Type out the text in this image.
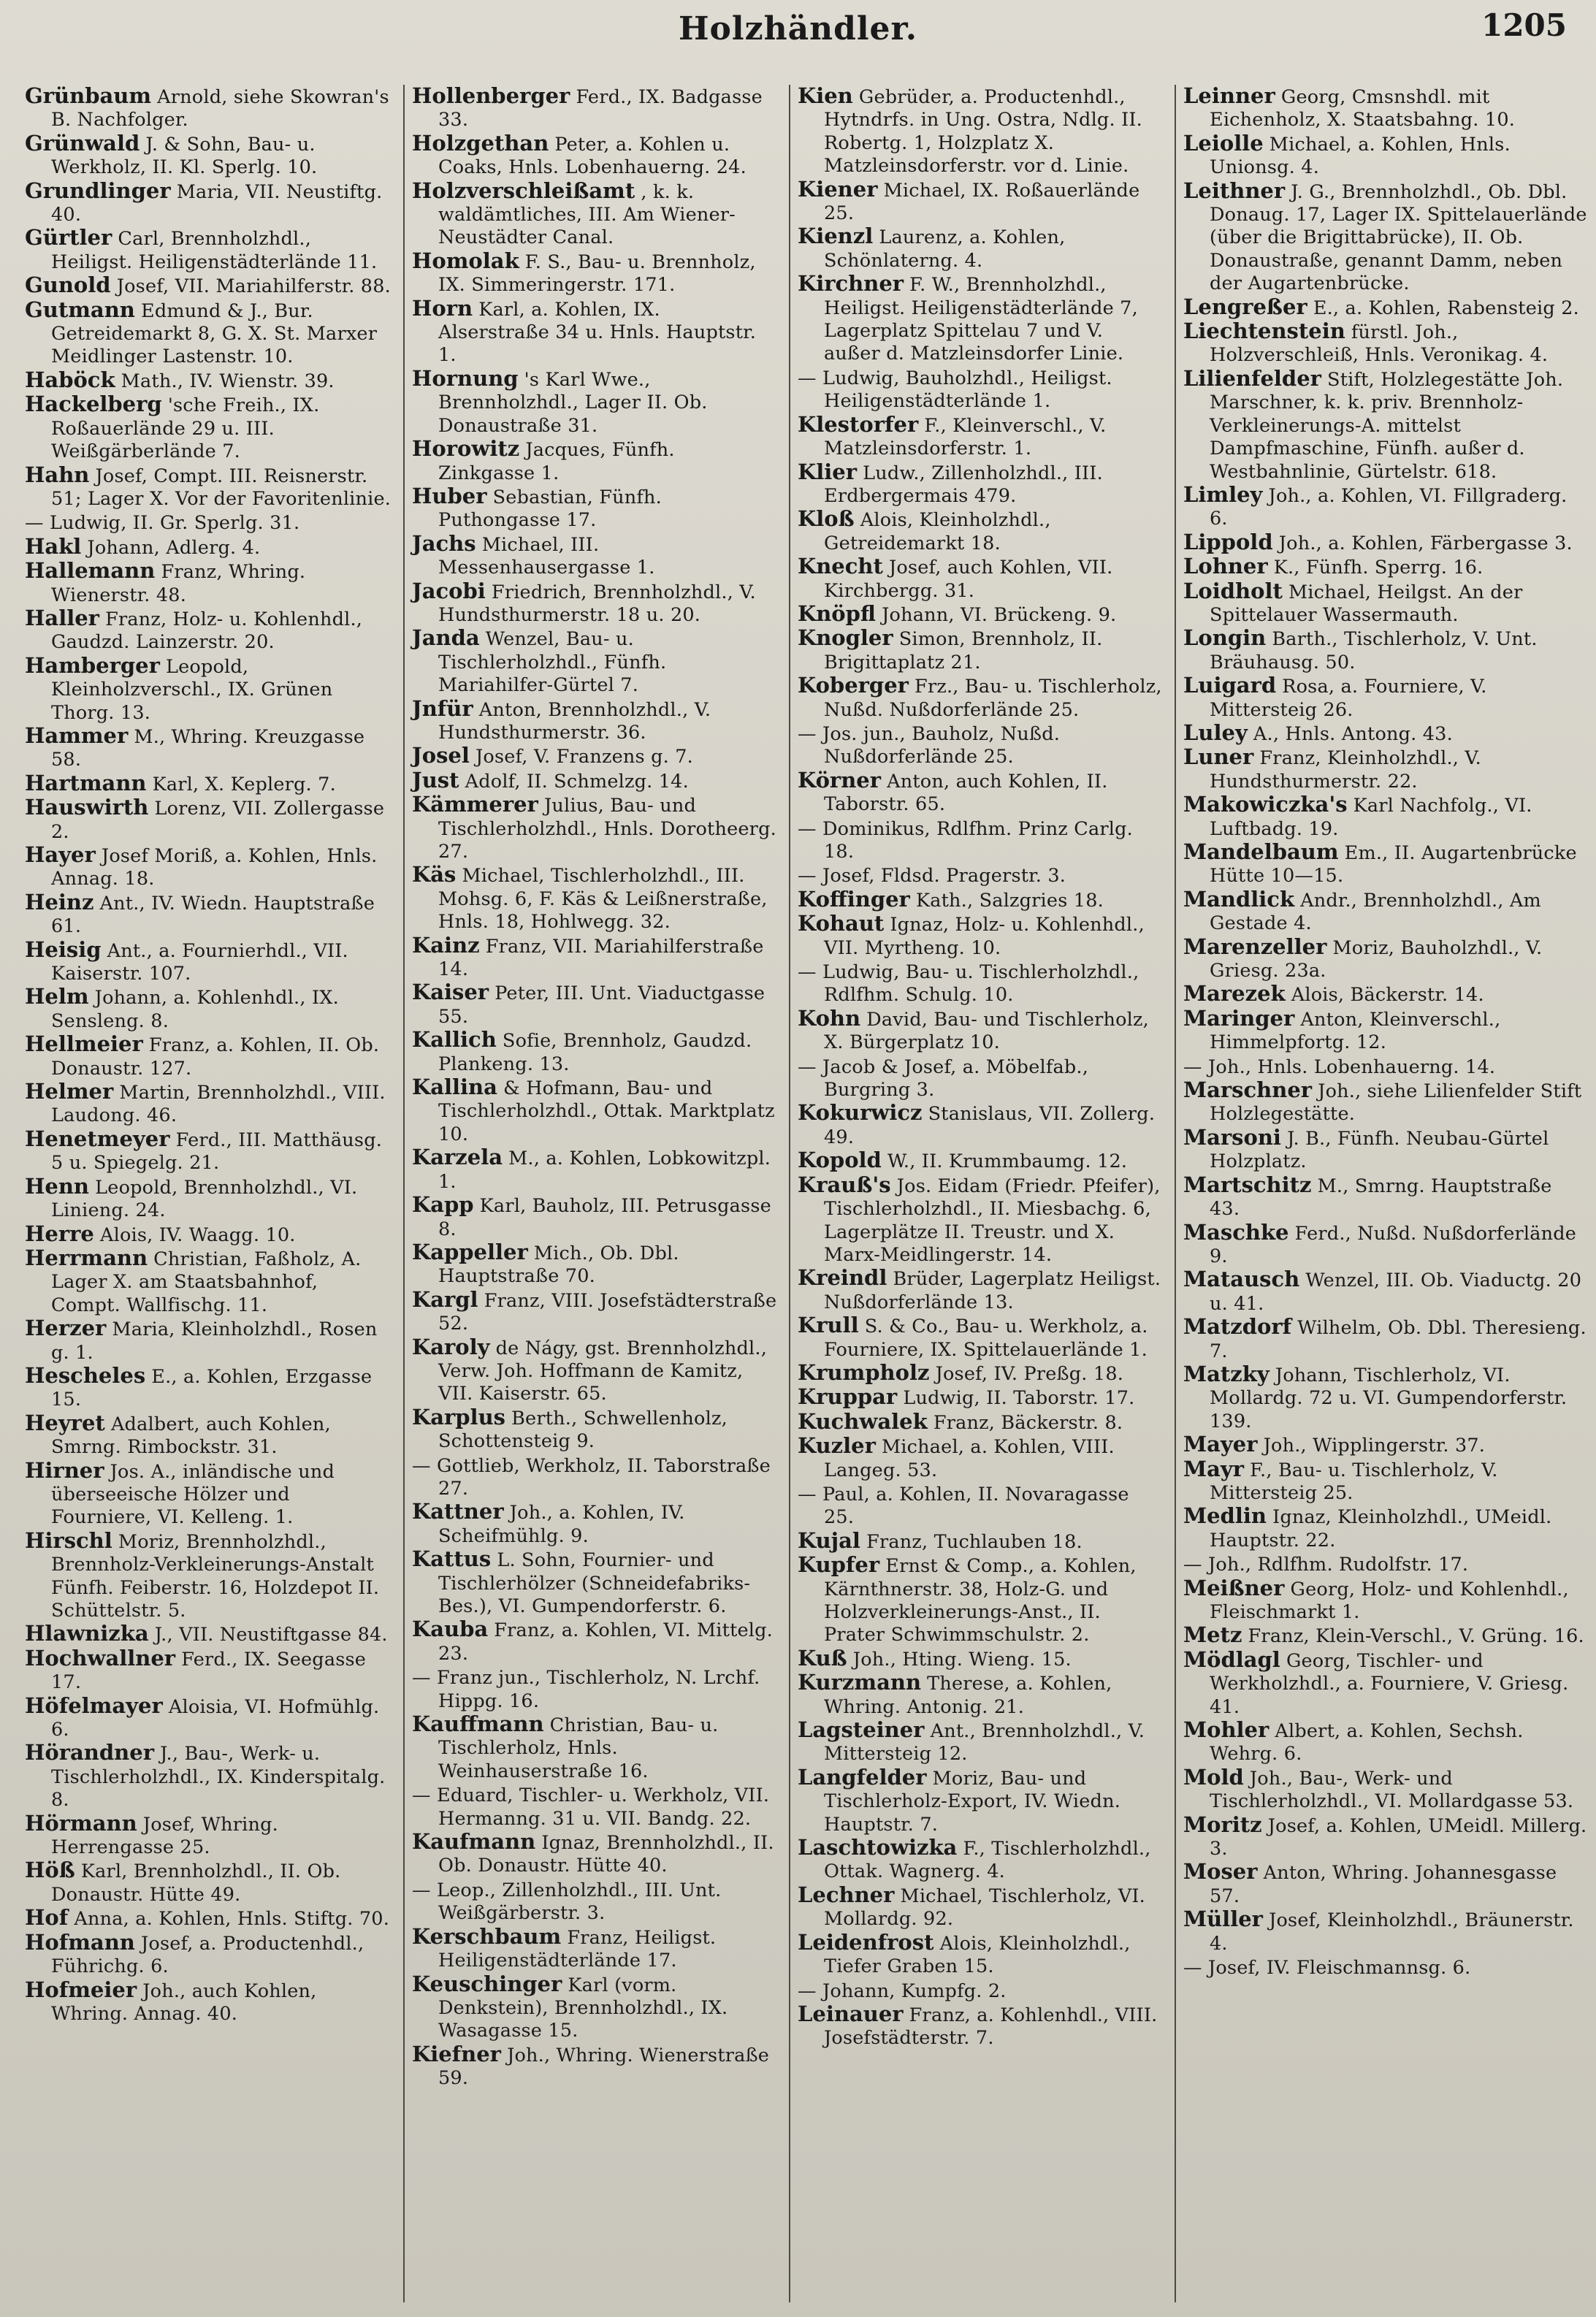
Holzhändler.	1205

Grünbaum Arnold, siehe Skowran's B. Nachfolger.

Grünwald J. & Sohn, Bau- u. Werkholz, II. Kl. Sperlg. 10.

Grundlinger Maria, VII. Neustiftg. 40.

Gürtler Carl, Brennholzhdl., Heiligst. Heiligenstädterlände 11.

Gunold Josef, VII. Mariahilferstr. 88.

Gutmann Edmund & J., Bur. Getreidemarkt 8, G. X. St. Marxer Meidlinger Lastenstr. 10.

Haböck Math., IV. Wienstr. 39.

Hackelberg 'sche Freih., IX. Roßauerlände 29 u. III. Weißgärberlände 7.

Hahn Josef, Compt. III. Reisnerstr. 51; Lager X. Vor der Favoritenlinie.

— Ludwig, II. Gr. Sperlg. 31.

Hakl Johann, Adlerg. 4.

Hallemann Franz, Whring. Wienerstr. 48.

Haller Franz, Holz- u. Kohlenhdl., Gaudzd. Lainzerstr. 20.

Hamberger Leopold, Kleinholzverschl., IX. Grünen Thorg. 13.

Hammer M., Whring. Kreuzgasse 58.

Hartmann Karl, X. Keplerg. 7.

Hauswirth Lorenz, VII. Zollergasse 2.

Hayer Josef Moriß, a. Kohlen, Hnls. Annag. 18.

Heinz Ant., IV. Wiedn. Hauptstraße 61.

Heisig Ant., a. Fournierhdl., VII. Kaiserstr. 107.

Helm Johann, a. Kohlenhdl., IX. Sensleng. 8.

Hellmeier Franz, a. Kohlen, II. Ob. Donaustr. 127.

Helmer Martin, Brennholzhdl., VIII. Laudong. 46.

Henetmeyer Ferd., III. Matthäusg. 5 u. Spiegelg. 21.

Henn Leopold, Brennholzhdl., VI. Linieng. 24.

Herre Alois, IV. Waagg. 10.

Herrmann Christian, Faßholz, A. Lager X. am Staatsbahnhof, Compt. Wallfischg. 11.

Herzer Maria, Kleinholzhdl., Rosen g. 1.

Hescheles E., a. Kohlen, Erzgasse 15.

Heyret Adalbert, auch Kohlen, Smrng. Rimbockstr. 31.

Hirner Jos. A., inländische und überseeische Hölzer und Fourniere, VI. Kelleng. 1.

Hirschl Moriz, Brennholzhdl., Brennholz-Verkleinerungs-Anstalt Fünfh. Feiberstr. 16, Holzdepot II. Schüttelstr. 5.

Hlawnizka J., VII. Neustiftgasse 84.

Hochwallner Ferd., IX. Seegasse 17.

Höfelmayer Aloisia, VI. Hofmühlg. 6.

Hörandner J., Bau-, Werk- u. Tischlerholzhdl., IX. Kinderspitalg. 8.

Hörmann Josef, Whring. Herrengasse 25.

Höß Karl, Brennholzhdl., II. Ob. Donaustr. Hütte 49.

Hof Anna, a. Kohlen, Hnls. Stiftg. 70.

Hofmann Josef, a. Productenhdl., Führichg. 6.

Hofmeier Joh., auch Kohlen, Whring. Annag. 40.

Hollenberger Ferd., IX. Badgasse 33.

Holzgethan Peter, a. Kohlen u. Coaks, Hnls. Lobenhauerng. 24.

Holzverschleißamt , k. k. waldämtliches, III. Am Wiener-Neustädter Canal.

Homolak F. S., Bau- u. Brennholz, IX. Simmeringerstr. 171.

Horn Karl, a. Kohlen, IX. Alserstraße 34 u. Hnls. Hauptstr. 1.

Hornung 's Karl Wwe., Brennholzhdl., Lager II. Ob. Donaustraße 31.

Horowitz Jacques, Fünfh. Zinkgasse 1.

Huber Sebastian, Fünfh. Puthongasse 17.

Jachs Michael, III. Messenhausergasse 1.

Jacobi Friedrich, Brennholzhdl., V. Hundsthurmerstr. 18 u. 20.

Janda Wenzel, Bau- u. Tischlerholzhdl., Fünfh. Mariahilfer-Gürtel 7.

Jnfür Anton, Brennholzhdl., V. Hundsthurmerstr. 36.

Josel Josef, V. Franzens g. 7.

Just Adolf, II. Schmelzg. 14.

Kämmerer Julius, Bau- und Tischlerholzhdl., Hnls. Dorotheerg. 27.

Käs Michael, Tischlerholzhdl., III. Mohsg. 6, F. Käs & Leißnerstraße, Hnls. 18, Hohlwegg. 32.

Kainz Franz, VII. Mariahilferstraße 14.

Kaiser Peter, III. Unt. Viaductgasse 55.

Kallich Sofie, Brennholz, Gaudzd. Plankeng. 13.

Kallina & Hofmann, Bau- und Tischlerholzhdl., Ottak. Marktplatz 10.

Karzela M., a. Kohlen, Lobkowitzpl. 1.

Kapp Karl, Bauholz, III. Petrusgasse 8.

Kappeller Mich., Ob. Dbl. Hauptstraße 70.

Kargl Franz, VIII. Josefstädterstraße 52.

Karoly de Nágy, gst. Brennholzhdl., Verw. Joh. Hoffmann de Kamitz, VII. Kaiserstr. 65.

Karplus Berth., Schwellenholz, Schottensteig 9.

— Gottlieb, Werkholz, II. Taborstraße 27.

Kattner Joh., a. Kohlen, IV. Scheifmühlg. 9.

Kattus L. Sohn, Fournier- und Tischlerhölzer (Schneidefabriks-Bes.), VI. Gumpendorferstr. 6.

Kauba Franz, a. Kohlen, VI. Mittelg. 23.

— Franz jun., Tischlerholz, N. Lrchf. Hippg. 16.

Kauffmann Christian, Bau- u. Tischlerholz, Hnls. Weinhauserstraße 16.

— Eduard, Tischler- u. Werkholz, VII. Hermanng. 31 u. VII. Bandg. 22.

Kaufmann Ignaz, Brennholzhdl., II. Ob. Donaustr. Hütte 40.

— Leop., Zillenholzhdl., III. Unt. Weißgärberstr. 3.

Kerschbaum Franz, Heiligst. Heiligenstädterlände 17.

Keuschinger Karl (vorm. Denkstein), Brennholzhdl., IX. Wasagasse 15.

Kiefner Joh., Whring. Wienerstraße 59.

Kien Gebrüder, a. Productenhdl., Hytndrfs. in Ung. Ostra, Ndlg. II. Robertg. 1, Holzplatz X. Matzleinsdorferstr. vor d. Linie.

Kiener Michael, IX. Roßauerlände 25.

Kienzl Laurenz, a. Kohlen, Schönlaterng. 4.

Kirchner F. W., Brennholzhdl., Heiligst. Heiligenstädterlände 7, Lagerplatz Spittelau 7 und V. außer d. Matzleinsdorfer Linie.

— Ludwig, Bauholzhdl., Heiligst. Heiligenstädterlände 1.

Klestorfer F., Kleinverschl., V. Matzleinsdorferstr. 1.

Klier Ludw., Zillenholzhdl., III. Erdbergermais 479.

Kloß Alois, Kleinholzhdl., Getreidemarkt 18.

Knecht Josef, auch Kohlen, VII. Kirchbergg. 31.

Knöpfl Johann, VI. Brückeng. 9.

Knogler Simon, Brennholz, II. Brigittaplatz 21.

Koberger Frz., Bau- u. Tischlerholz, Nußd. Nußdorferlände 25.

— Jos. jun., Bauholz, Nußd. Nußdorferlände 25.

Körner Anton, auch Kohlen, II. Taborstr. 65.

— Dominikus, Rdlfhm. Prinz Carlg. 18.

— Josef, Fldsd. Pragerstr. 3.

Koffinger Kath., Salzgries 18.

Kohaut Ignaz, Holz- u. Kohlenhdl., VII. Myrtheng. 10.

— Ludwig, Bau- u. Tischlerholzhdl., Rdlfhm. Schulg. 10.

Kohn David, Bau- und Tischlerholz, X. Bürgerplatz 10.

— Jacob & Josef, a. Möbelfab., Burgring 3.

Kokurwicz Stanislaus, VII. Zollerg. 49.

Kopold W., II. Krummbaumg. 12.

Krauß's Jos. Eidam (Friedr. Pfeifer), Tischlerholzhdl., II. Miesbachg. 6, Lagerplätze II. Treustr. und X. Marx-Meidlingerstr. 14.

Kreindl Brüder, Lagerplatz Heiligst. Nußdorferlände 13.

Krull S. & Co., Bau- u. Werkholz, a. Fourniere, IX. Spittelauerlände 1.

Krumpholz Josef, IV. Preßg. 18.

Kruppar Ludwig, II. Taborstr. 17.

Kuchwalek Franz, Bäckerstr. 8.

Kuzler Michael, a. Kohlen, VIII. Langeg. 53.

— Paul, a. Kohlen, II. Novaragasse 25.

Kujal Franz, Tuchlauben 18.

Kupfer Ernst & Comp., a. Kohlen, Kärnthnerstr. 38, Holz-G. und Holzverkleinerungs-Anst., II. Prater Schwimmschulstr. 2.

Kuß Joh., Hting. Wieng. 15.

Kurzmann Therese, a. Kohlen, Whring. Antonig. 21.

Lagsteiner Ant., Brennholzhdl., V. Mittersteig 12.

Langfelder Moriz, Bau- und Tischlerholz-Export, IV. Wiedn. Hauptstr. 7.

Laschtowizka F., Tischlerholzhdl., Ottak. Wagnerg. 4.

Lechner Michael, Tischlerholz, VI. Mollardg. 92.

Leidenfrost Alois, Kleinholzhdl., Tiefer Graben 15.

— Johann, Kumpfg. 2.

Leinauer Franz, a. Kohlenhdl., VIII. Josefstädterstr. 7.

Leinner Georg, Cmsnshdl. mit Eichenholz, X. Staatsbahng. 10.

Leiolle Michael, a. Kohlen, Hnls. Unionsg. 4.

Leithner J. G., Brennholzhdl., Ob. Dbl. Donaug. 17, Lager IX. Spittelauerlände (über die Brigittabrücke), II. Ob. Donaustraße, genannt Damm, neben der Augartenbrücke.

Lengreßer E., a. Kohlen, Rabensteig 2.

Liechtenstein fürstl. Joh., Holzverschleiß, Hnls. Veronikag. 4.

Lilienfelder Stift, Holzlegestätte Joh. Marschner, k. k. priv. Brennholz-Verkleinerungs-A. mittelst Dampfmaschine, Fünfh. außer d. Westbahnlinie, Gürtelstr. 618.

Limley Joh., a. Kohlen, VI. Fillgraderg. 6.

Lippold Joh., a. Kohlen, Färbergasse 3.

Lohner K., Fünfh. Sperrg. 16.

Loidholt Michael, Heilgst. An der Spittelauer Wassermauth.

Longin Barth., Tischlerholz, V. Unt. Bräuhausg. 50.

Luigard Rosa, a. Fourniere, V. Mittersteig 26.

Luley A., Hnls. Antong. 43.

Luner Franz, Kleinholzhdl., V. Hundsthurmerstr. 22.

Makowiczka's Karl Nachfolg., VI. Luftbadg. 19.

Mandelbaum Em., II. Augartenbrücke Hütte 10—15.

Mandlick Andr., Brennholzhdl., Am Gestade 4.

Marenzeller Moriz, Bauholzhdl., V. Griesg. 23a.

Marezek Alois, Bäckerstr. 14.

Maringer Anton, Kleinverschl., Himmelpfortg. 12.

— Joh., Hnls. Lobenhauerng. 14.

Marschner Joh., siehe Lilienfelder Stift Holzlegestätte.

Marsoni J. B., Fünfh. Neubau-Gürtel Holzplatz.

Martschitz M., Smrng. Hauptstraße 43.

Maschke Ferd., Nußd. Nußdorferlände 9.

Matausch Wenzel, III. Ob. Viaductg. 20 u. 41.

Matzdorf Wilhelm, Ob. Dbl. Theresieng. 7.

Matzky Johann, Tischlerholz, VI. Mollardg. 72 u. VI. Gumpendorferstr. 139.

Mayer Joh., Wipplingerstr. 37.

Mayr F., Bau- u. Tischlerholz, V. Mittersteig 25.

Medlin Ignaz, Kleinholzhdl., UMeidl. Hauptstr. 22.

— Joh., Rdlfhm. Rudolfstr. 17.

Meißner Georg, Holz- und Kohlenhdl., Fleischmarkt 1.

Metz Franz, Klein-Verschl., V. Grüng. 16.

Mödlagl Georg, Tischler- und Werkholzhdl., a. Fourniere, V. Griesg. 41.

Mohler Albert, a. Kohlen, Sechsh. Wehrg. 6.

Mold Joh., Bau-, Werk- und Tischlerholzhdl., VI. Mollardgasse 53.

Moritz Josef, a. Kohlen, UMeidl. Millerg. 3.

Moser Anton, Whring. Johannesgasse 57.

Müller Josef, Kleinholzhdl., Bräunerstr. 4.

— Josef, IV. Fleischmannsg. 6.
